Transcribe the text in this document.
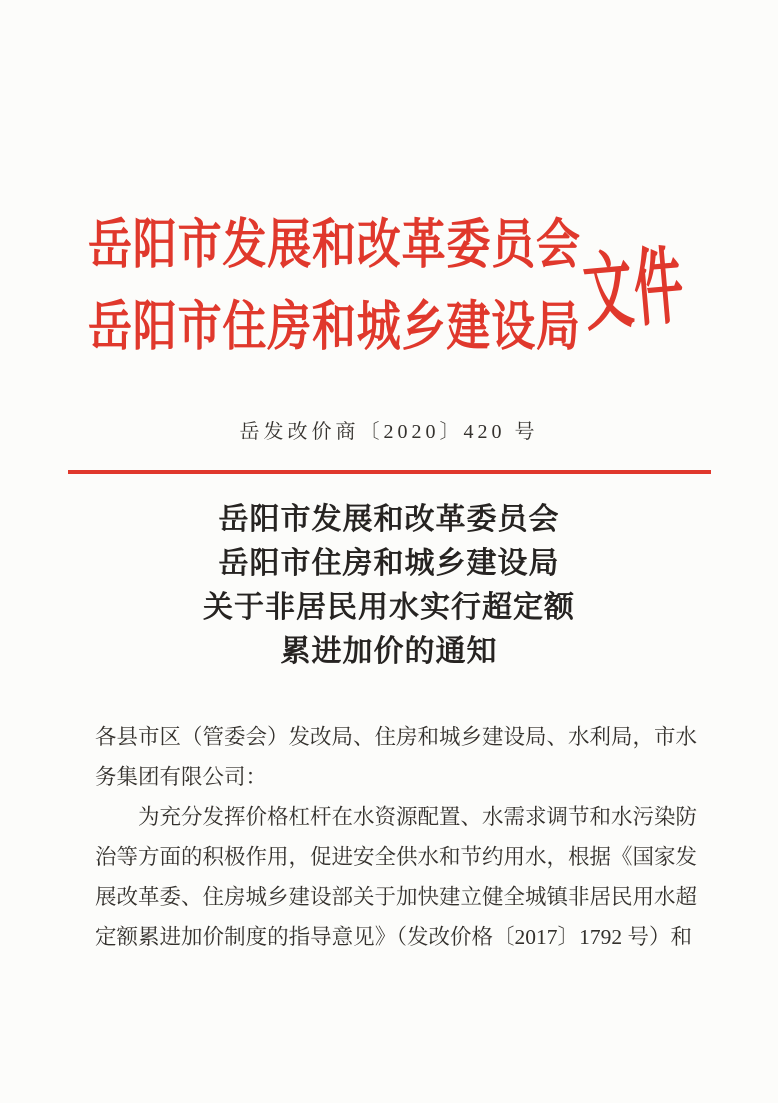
岳阳市发展和改革委员会
岳阳市住房和城乡建设局 文件
岳发改价商〔2020〕420 号
岳阳市发展和改革委员会
岳阳市住房和城乡建设局
关于非居民用水实行超定额
累进加价的通知

各县市区（管委会）发改局、住房和城乡建设局、水利局，市水

务集团有限公司：

为充分发挥价格杠杆在水资源配置、水需求调节和水污染防

治等方面的积极作用，促进安全供水和节约用水，根据《国家发

展改革委、住房城乡建设部关于加快建立健全城镇非居民用水超

定额累进加价制度的指导意见》（发改价格〔2017〕1792 号）和
